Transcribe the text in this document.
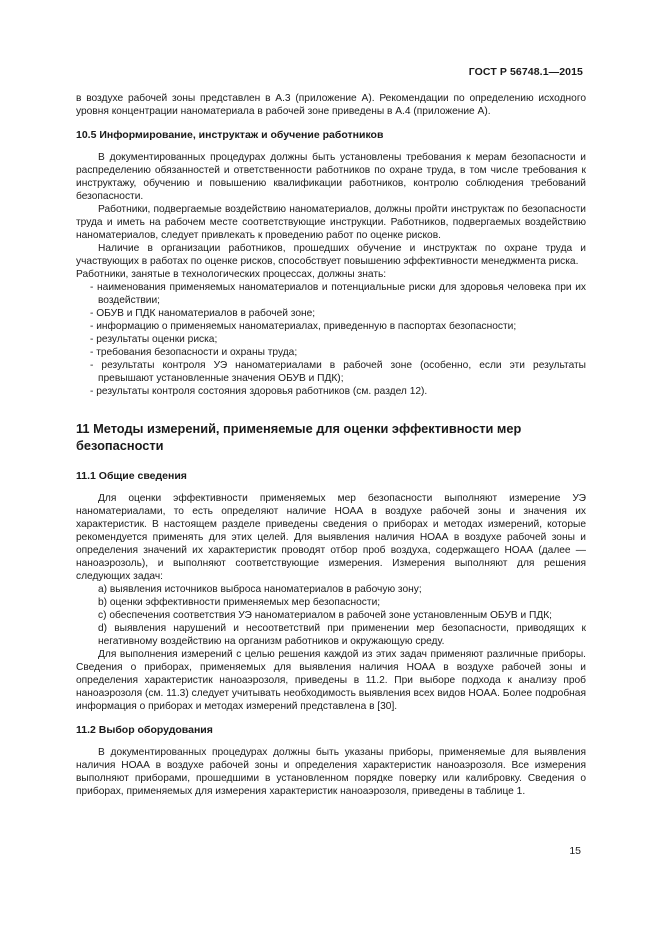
ГОСТ Р 56748.1—2015

в воздухе рабочей зоны представлен в А.3 (приложение А). Рекомендации по определению исходного уровня концентрации наноматериала в рабочей зоне приведены в А.4 (приложение А).

10.5 Информирование, инструктаж и обучение работников

В документированных процедурах должны быть установлены требования к мерам безопасности и распределению обязанностей и ответственности работников по охране труда, в том числе требования к инструктажу, обучению и повышению квалификации работников, контролю соблюдения требований безопасности.

Работники, подвергаемые воздействию наноматериалов, должны пройти инструктаж по безопасности труда и иметь на рабочем месте соответствующие инструкции. Работников, подвергаемых воздействию наноматериалов, следует привлекать к проведению работ по оценке рисков.

Наличие в организации работников, прошедших обучение и инструктаж по охране труда и участвующих в работах по оценке рисков, способствует повышению эффективности менеджмента риска.

Работники, занятые в технологических процессах, должны знать:

- наименования применяемых наноматериалов и потенциальные риски для здоровья человека при их воздействии;

- ОБУВ и ПДК наноматериалов в рабочей зоне;

- информацию о применяемых наноматериалах, приведенную в паспортах безопасности;

- результаты оценки риска;

- требования безопасности и охраны труда;

- результаты контроля УЭ наноматериалами в рабочей зоне (особенно, если эти результаты превышают установленные значения ОБУВ и ПДК);

- результаты контроля состояния здоровья работников (см. раздел 12).

11 Методы измерений, применяемые для оценки эффективности мер безопасности
11.1 Общие сведения

Для оценки эффективности применяемых мер безопасности выполняют измерение УЭ наноматериалами, то есть определяют наличие НОАА в воздухе рабочей зоны и значения их характеристик. В настоящем разделе приведены сведения о приборах и методах измерений, которые рекомендуется применять для этих целей. Для выявления наличия НОАА в воздухе рабочей зоны и определения значений их характеристик проводят отбор проб воздуха, содержащего НОАА (далее — наноаэрозоль), и выполняют соответствующие измерения. Измерения выполняют для решения следующих задач:

а) выявления источников выброса наноматериалов в рабочую зону;

b) оценки эффективности применяемых мер безопасности;

с) обеспечения соответствия УЭ наноматериалом в рабочей зоне установленным ОБУВ и ПДК;

d) выявления нарушений и несоответствий при применении мер безопасности, приводящих к негативному воздействию на организм работников и окружающую среду.

Для выполнения измерений с целью решения каждой из этих задач применяют различные приборы. Сведения о приборах, применяемых для выявления наличия НОАА в воздухе рабочей зоны и определения характеристик наноаэрозоля, приведены в 11.2. При выборе подхода к анализу проб наноаэрозоля (см. 11.3) следует учитывать необходимость выявления всех видов НОАА. Более подробная информация о приборах и методах измерений представлена в [30].

11.2 Выбор оборудования

В документированных процедурах должны быть указаны приборы, применяемые для выявления наличия НОАА в воздухе рабочей зоны и определения характеристик наноаэрозоля. Все измерения выполняют приборами, прошедшими в установленном порядке поверку или калибровку. Сведения о приборах, применяемых для измерения характеристик наноаэрозоля, приведены в таблице 1.

15
